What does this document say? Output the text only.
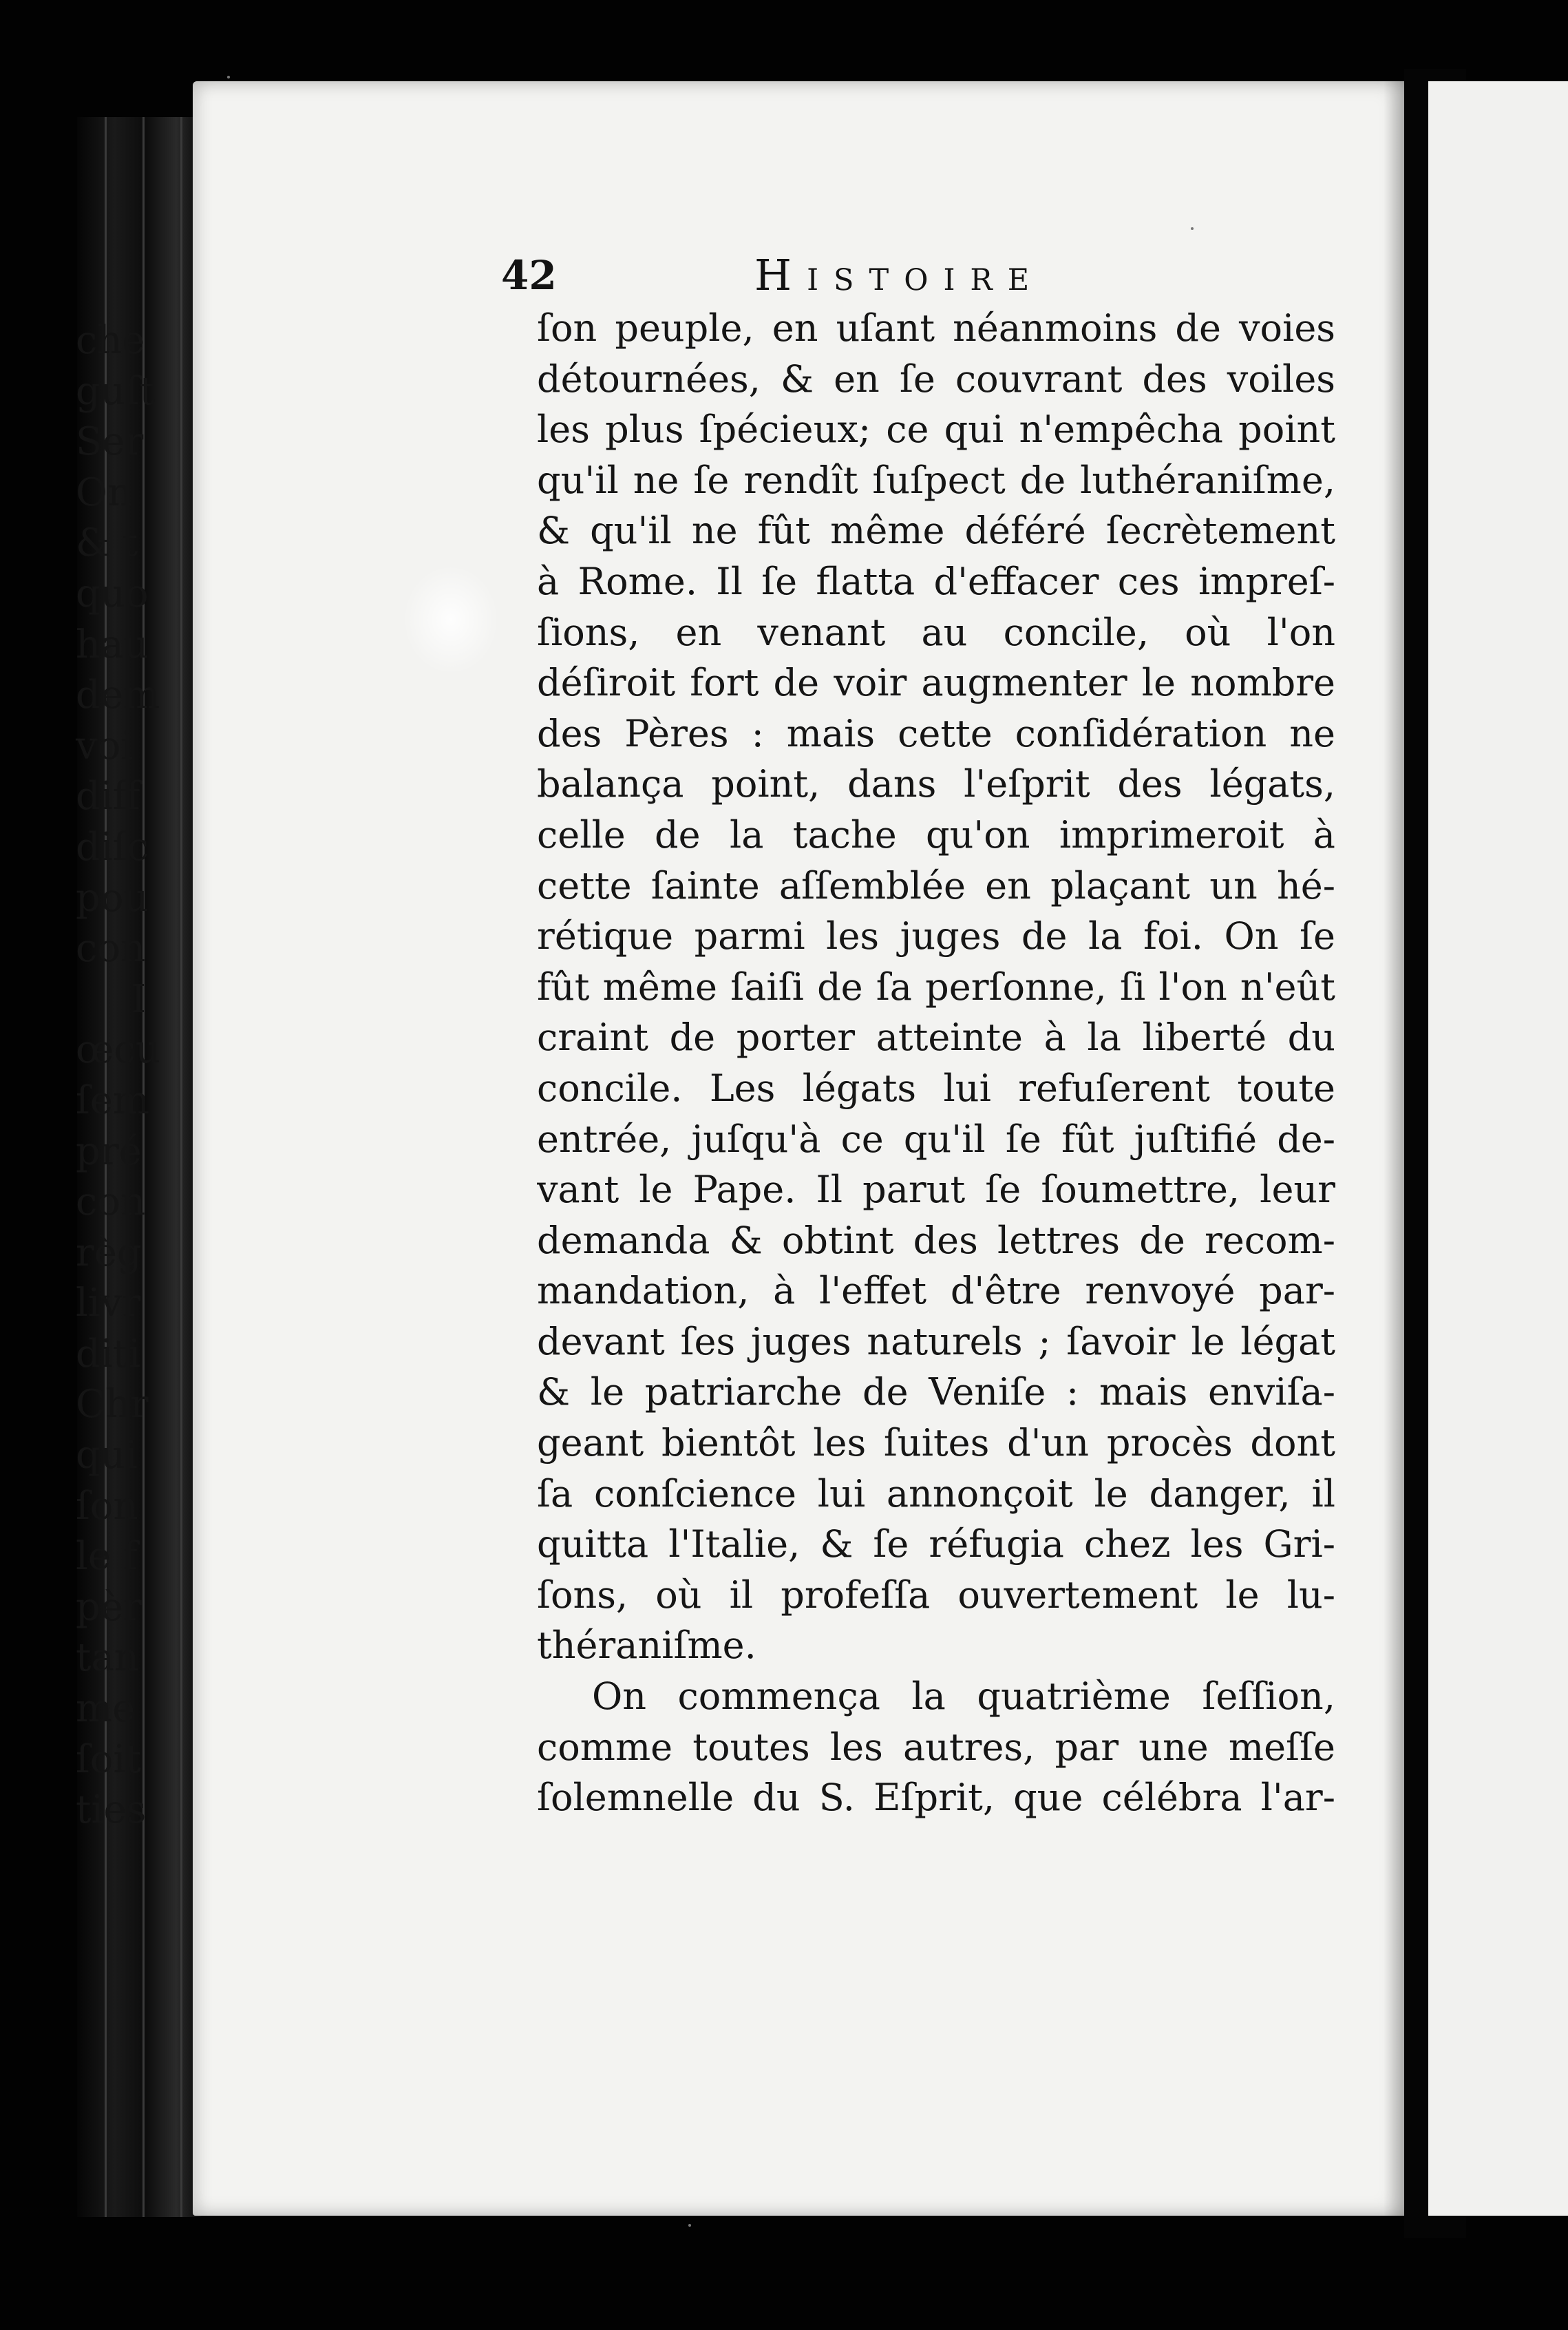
42	Histoire
ſon peuple, en uſant néanmoins de voies
détournées, & en ſe couvrant des voiles
les plus ſpécieux; ce qui n'empêcha point
qu'il ne ſe rendît ſuſpect de luthéraniſme,
& qu'il ne fût même déféré ſecrètement
à Rome. Il ſe flatta d'effacer ces impreſ-
ſions, en venant au concile, où l'on
déſiroit fort de voir augmenter le nombre
des Pères : mais cette conſidération ne
balança point, dans l'eſprit des légats,
celle de la tache qu'on imprimeroit à
cette ſainte aſſemblée en plaçant un hé-
rétique parmi les juges de la foi. On ſe
fût même ſaiſi de ſa perſonne, ſi l'on n'eût
craint de porter atteinte à la liberté du
concile. Les légats lui refuſerent toute
entrée, juſqu'à ce qu'il ſe fût juſtifié de-
vant le Pape. Il parut ſe ſoumettre, leur
demanda & obtint des lettres de recom-
mandation, à l'effet d'être renvoyé par-
devant ſes juges naturels ; ſavoir le légat
& le patriarche de Veniſe : mais enviſa-
geant bientôt les ſuites d'un procès dont
ſa conſcience lui annonçoit le danger, il
quitta l'Italie, & ſe réfugia chez les Gri-
ſons, où il profeſſa ouvertement le lu-
théraniſme.
On commença la quatrième ſeſſion,
comme toutes les autres, par une meſſe
ſolemnelle du S. Eſprit, que célébra l'ar-
che
guſt
Ser
On
& t
quo
hau
dem
voi
diff
diſc
pou
con
I
œcu
ſem
pré
con
règ
livr
diti
Chr
qui
ſon
le f
pèr
tan
me
ſoit
ties
